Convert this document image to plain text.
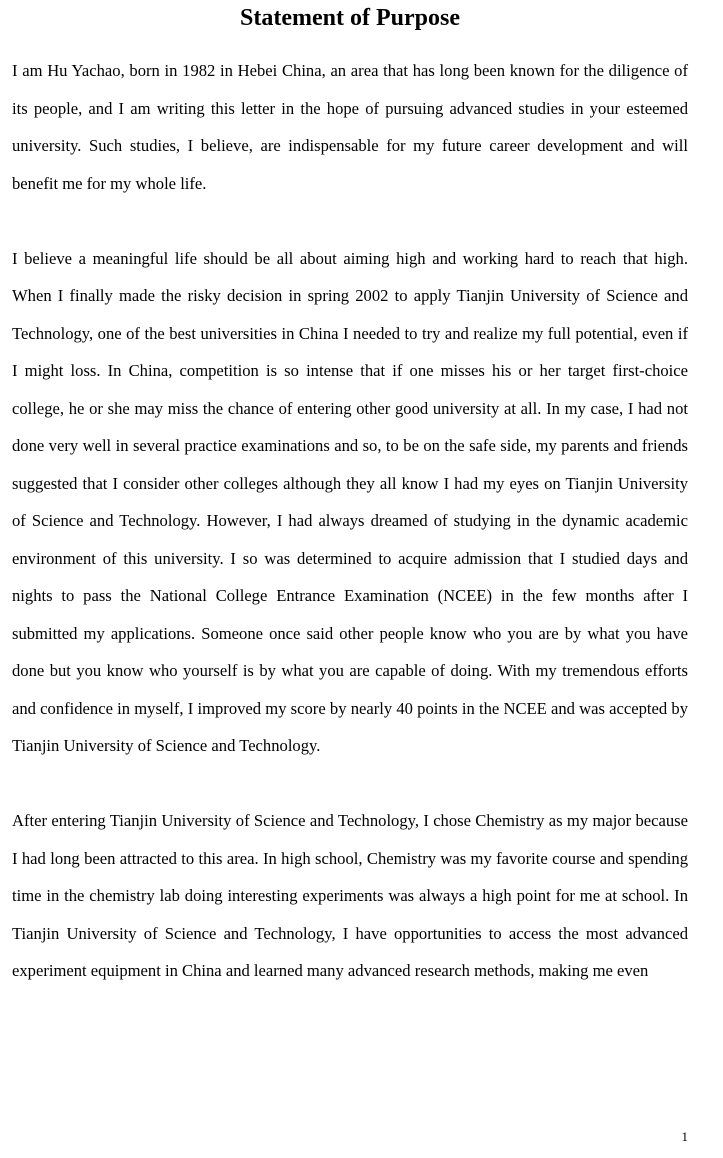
Statement of Purpose

I am Hu Yachao, born in 1982 in Hebei China, an area that has long been known for the diligence of its people, and I am writing this letter in the hope of pursuing advanced studies in your esteemed university. Such studies, I believe, are indispensable for my future career development and will benefit me for my whole life.

I believe a meaningful life should be all about aiming high and working hard to reach that high. When I finally made the risky decision in spring 2002 to apply Tianjin University of Science and Technology, one of the best universities in China I needed to try and realize my full potential, even if I might loss. In China, competition is so intense that if one misses his or her target first-choice college, he or she may miss the chance of entering other good university at all. In my case, I had not done very well in several practice examinations and so, to be on the safe side, my parents and friends suggested that I consider other colleges although they all know I had my eyes on Tianjin University of Science and Technology. However, I had always dreamed of studying in the dynamic academic environment of this university. I so was determined to acquire admission that I studied days and nights to pass the National College Entrance Examination (NCEE) in the few months after I submitted my applications. Someone once said other people know who you are by what you have done but you know who yourself is by what you are capable of doing. With my tremendous efforts and confidence in myself, I improved my score by nearly 40 points in the NCEE and was accepted by Tianjin University of Science and Technology.

After entering Tianjin University of Science and Technology, I chose Chemistry as my major because I had long been attracted to this area. In high school, Chemistry was my favorite course and spending time in the chemistry lab doing interesting experiments was always a high point for me at school. In Tianjin University of Science and Technology, I have opportunities to access the most advanced experiment equipment in China and learned many advanced research methods, making me even

1
